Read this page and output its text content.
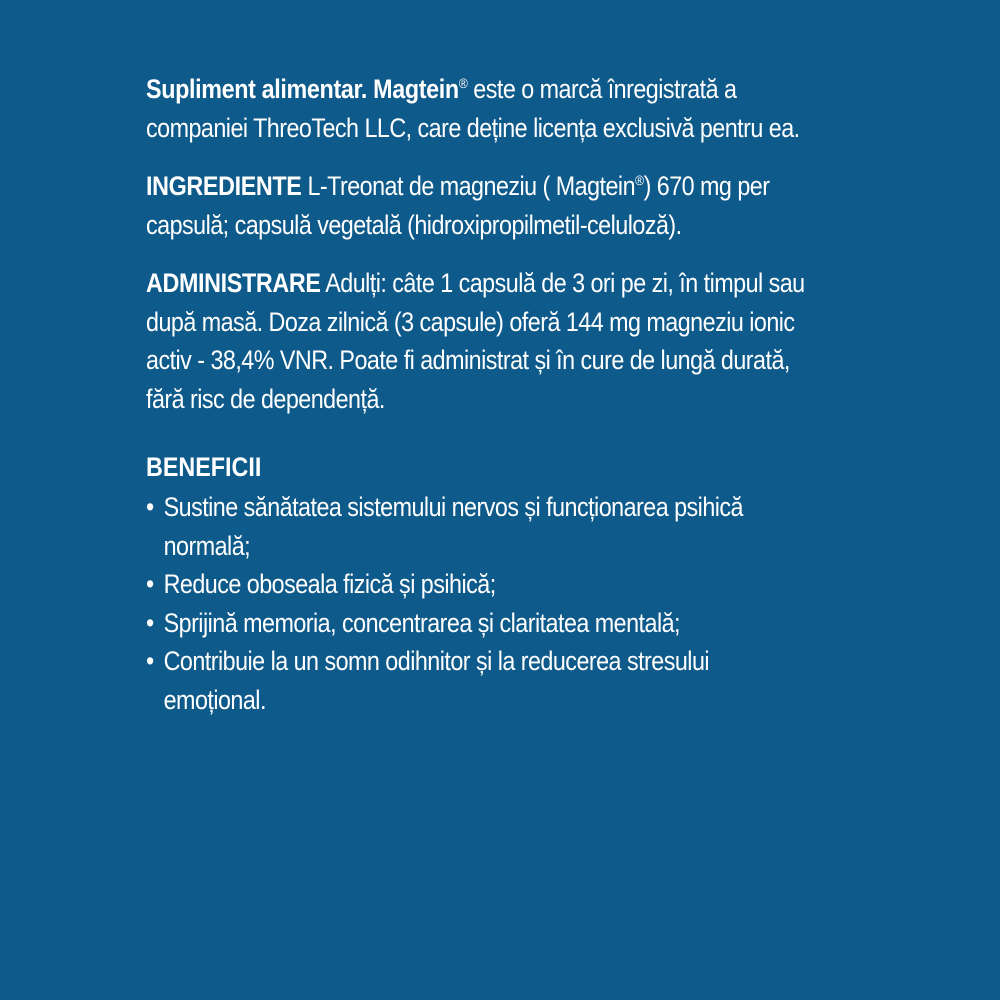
Supliment alimentar. Magtein® este o marcă înregistrată a companiei ThreoTech LLC, care deține licența exclusivă pentru ea.

INGREDIENTE L-Treonat de magneziu ( Magtein®) 670 mg per capsulă; capsulă vegetală (hidroxipropilmetil-celuloză).

ADMINISTRARE Adulți: câte 1 capsulă de 3 ori pe zi, în timpul sau după masă. Doza zilnică (3 capsule) oferă 144 mg magneziu ionic activ - 38,4% VNR. Poate fi administrat și în cure de lungă durată, fără risc de dependență.

BENEFICII
• Sustine sănătatea sistemului nervos și funcționarea psihică normală;
• Reduce oboseala fizică și psihică;
• Sprijină memoria, concentrarea și claritatea mentală;
• Contribuie la un somn odihnitor și la reducerea stresului emoțional.
